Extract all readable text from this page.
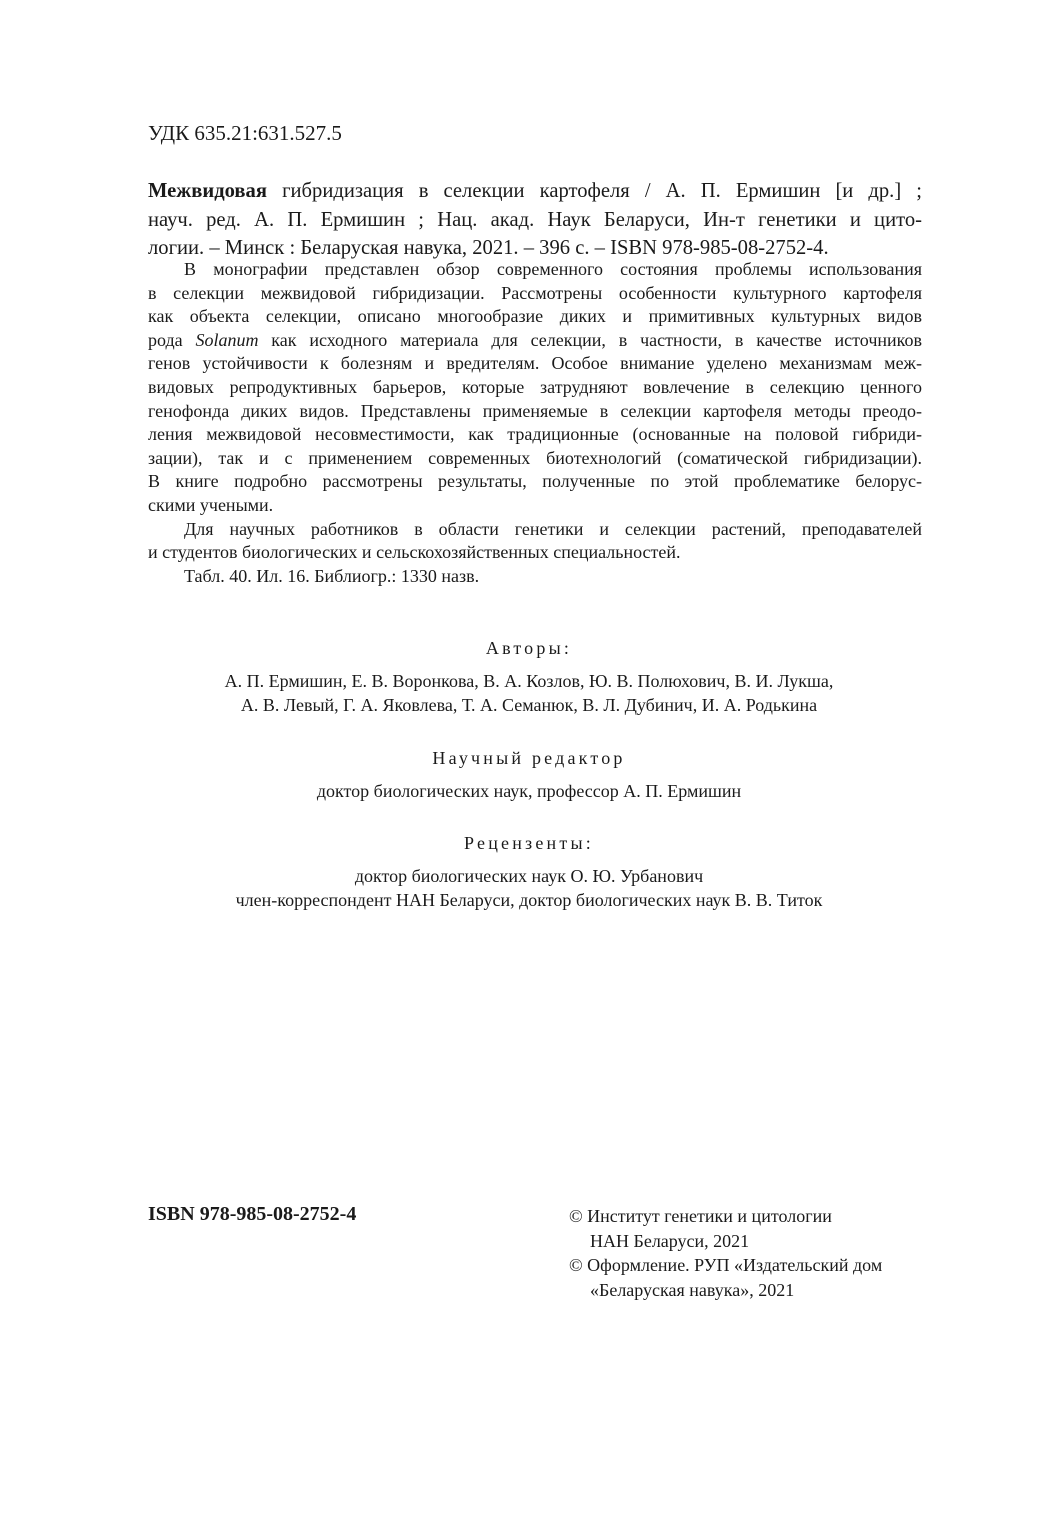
УДК 635.21:631.527.5
Межвидовая гибридизация в селекции картофеля / А. П. Ермишин [и др.] ;
науч. ред. А. П. Ермишин ; Нац. акад. Наук Беларуси, Ин-т генетики и цито-
логии. – Минск : Беларуская навука, 2021. – 396 с. – ISBN 978-985-08-2752-4.
В монографии представлен обзор современного состояния проблемы использования
в селекции межвидовой гибридизации. Рассмотрены особенности культурного картофеля
как объекта селекции, описано многообразие диких и примитивных культурных видов
рода Solanum как исходного материала для селекции, в частности, в качестве источников
генов устойчивости к болезням и вредителям. Особое внимание уделено механизмам меж-
видовых репродуктивных барьеров, которые затрудняют вовлечение в селекцию ценного
генофонда диких видов. Представлены применяемые в селекции картофеля методы преодо-
ления межвидовой несовместимости, как традиционные (основанные на половой гибриди-
зации), так и с применением современных биотехнологий (соматической гибридизации).
В книге подробно рассмотрены результаты, полученные по этой проблематике белорус-
скими учеными.
Для научных работников в области генетики и селекции растений, преподавателей
и студентов биологических и сельскохозяйственных специальностей.
Табл. 40. Ил. 16. Библиогр.: 1330 назв.
Авторы:
А. П. Ермишин, Е. В. Воронкова, В. А. Козлов, Ю. В. Полюхович, В. И. Лукша,
А. В. Левый, Г. А. Яковлева, Т. А. Семанюк, В. Л. Дубинич, И. А. Родькина
Научный редактор
доктор биологических наук, профессор А. П. Ермишин
Рецензенты:
доктор биологических наук О. Ю. Урбанович
член-корреспондент НАН Беларуси, доктор биологических наук В. В. Титок
ISBN 978-985-08-2752-4	© Институт генетики и цитологии
НАН Беларуси, 2021
© Оформление. РУП «Издательский дом
«Беларуская навука», 2021
